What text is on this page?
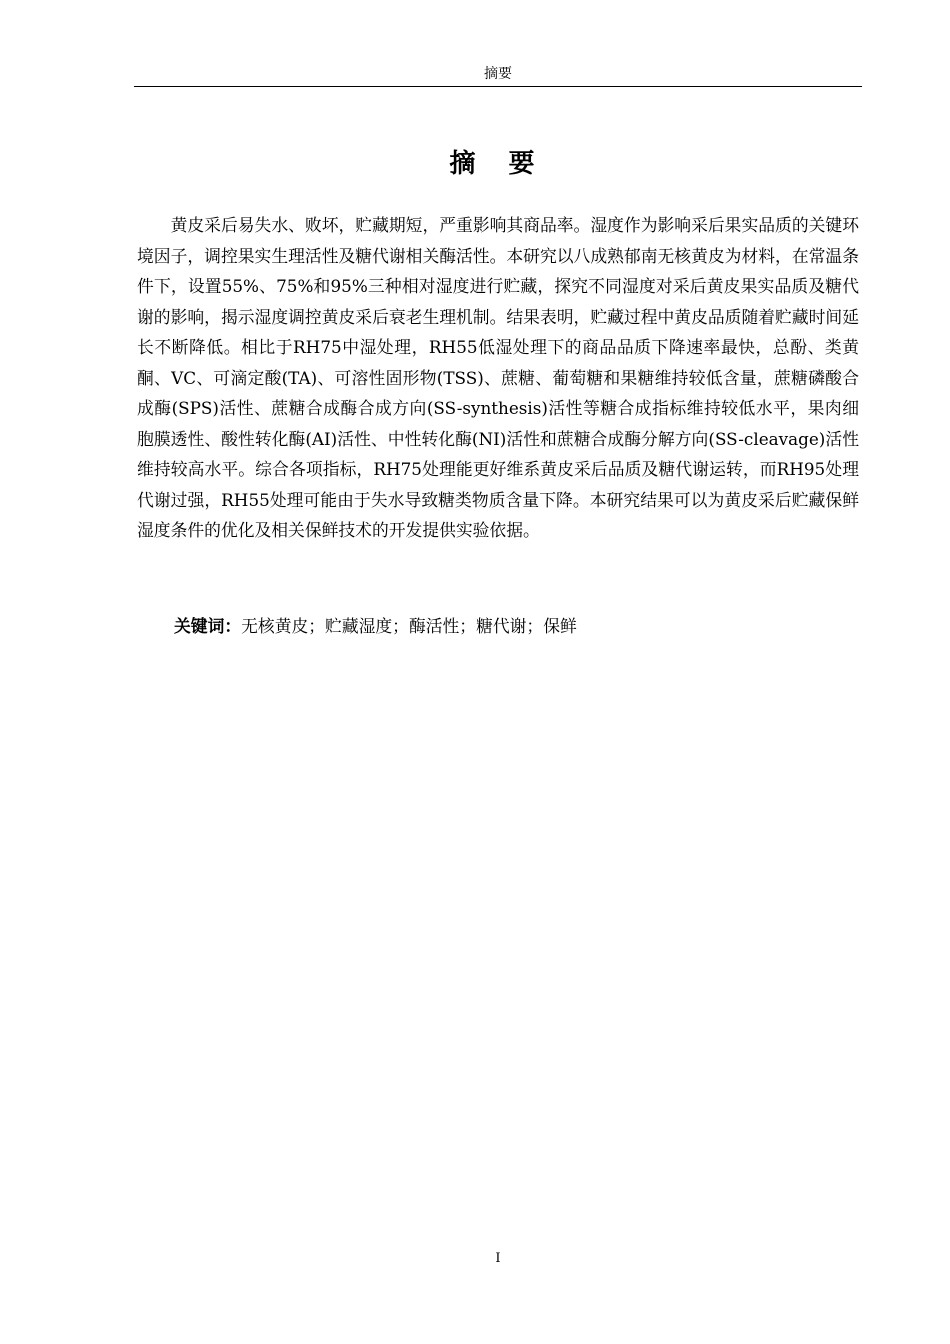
摘要
摘 要

黄皮采后易失水、败坏，贮藏期短，严重影响其商品率。湿度作为影响采后果实品质的关键环境因子，调控果实生理活性及糖代谢相关酶活性。本研究以八成熟郁南无核黄皮为材料，在常温条件下，设置55%、75%和95%三种相对湿度进行贮藏，探究不同湿度对采后黄皮果实品质及糖代谢的影响，揭示湿度调控黄皮采后衰老生理机制。结果表明，贮藏过程中黄皮品质随着贮藏时间延长不断降低。相比于RH75中湿处理，RH55低湿处理下的商品品质下降速率最快，总酚、类黄酮、VC、可滴定酸(TA)、可溶性固形物(TSS)、蔗糖、葡萄糖和果糖维持较低含量，蔗糖磷酸合成酶(SPS)活性、蔗糖合成酶合成方向(SS-synthesis)活性等糖合成指标维持较低水平，果肉细胞膜透性、酸性转化酶(AI)活性、中性转化酶(NI)活性和蔗糖合成酶分解方向(SS-cleavage)活性维持较高水平。综合各项指标，RH75处理能更好维系黄皮采后品质及糖代谢运转，而RH95处理代谢过强，RH55处理可能由于失水导致糖类物质含量下降。本研究结果可以为黄皮采后贮藏保鲜湿度条件的优化及相关保鲜技术的开发提供实验依据。

关键词：无核黄皮；贮藏湿度；酶活性；糖代谢；保鲜
I
